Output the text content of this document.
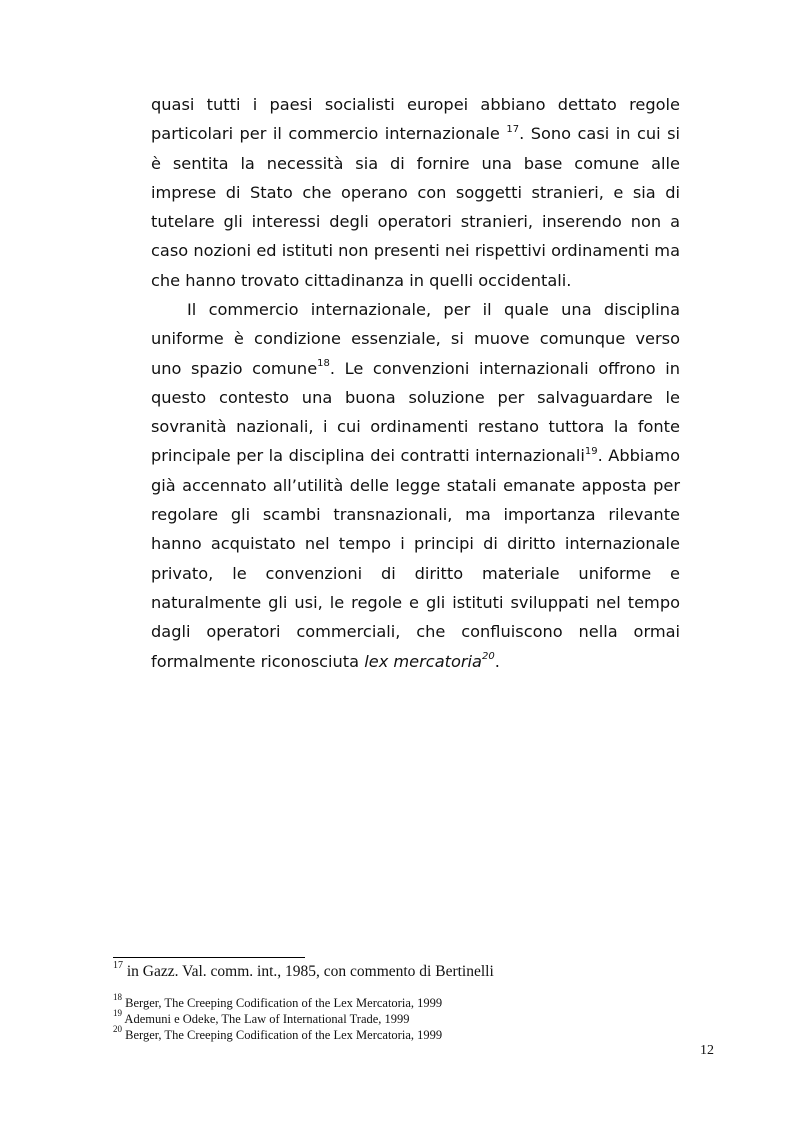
quasi tutti i paesi socialisti europei abbiano dettato regole particolari per il commercio internazionale $^{17}$. Sono casi in cui si è sentita la necessità sia di fornire una base comune alle imprese di Stato che operano con soggetti stranieri, e sia di tutelare gli interessi degli operatori stranieri, inserendo non a caso nozioni ed istituti non presenti nei rispettivi ordinamenti ma che hanno trovato cittadinanza in quelli occidentali.

Il commercio internazionale, per il quale una disciplina uniforme è condizione essenziale, si muove comunque verso uno spazio comune$^{18}$. Le convenzioni internazionali offrono in questo contesto una buona soluzione per salvaguardare le sovranità nazionali, i cui ordinamenti restano tuttora la fonte principale per la disciplina dei contratti internazionali$^{19}$. Abbiamo già accennato all’utilità delle legge statali emanate apposta per regolare gli scambi transnazionali, ma importanza rilevante hanno acquistato nel tempo i principi di diritto internazionale privato, le convenzioni di diritto materiale uniforme e naturalmente gli usi, le regole e gli istituti sviluppati nel tempo dagli operatori commerciali, che confluiscono nella ormai formalmente riconosciuta lex mercatoria$^{20}$.

$^{17}$ in Gazz. Val. comm. int., 1985, con commento di Bertinelli
$^{18}$ Berger, The Creeping Codification of the Lex Mercatoria, 1999
$^{19}$ Ademuni e Odeke, The Law of International Trade, 1999
$^{20}$ Berger, The Creeping Codification of the Lex Mercatoria, 1999
12
